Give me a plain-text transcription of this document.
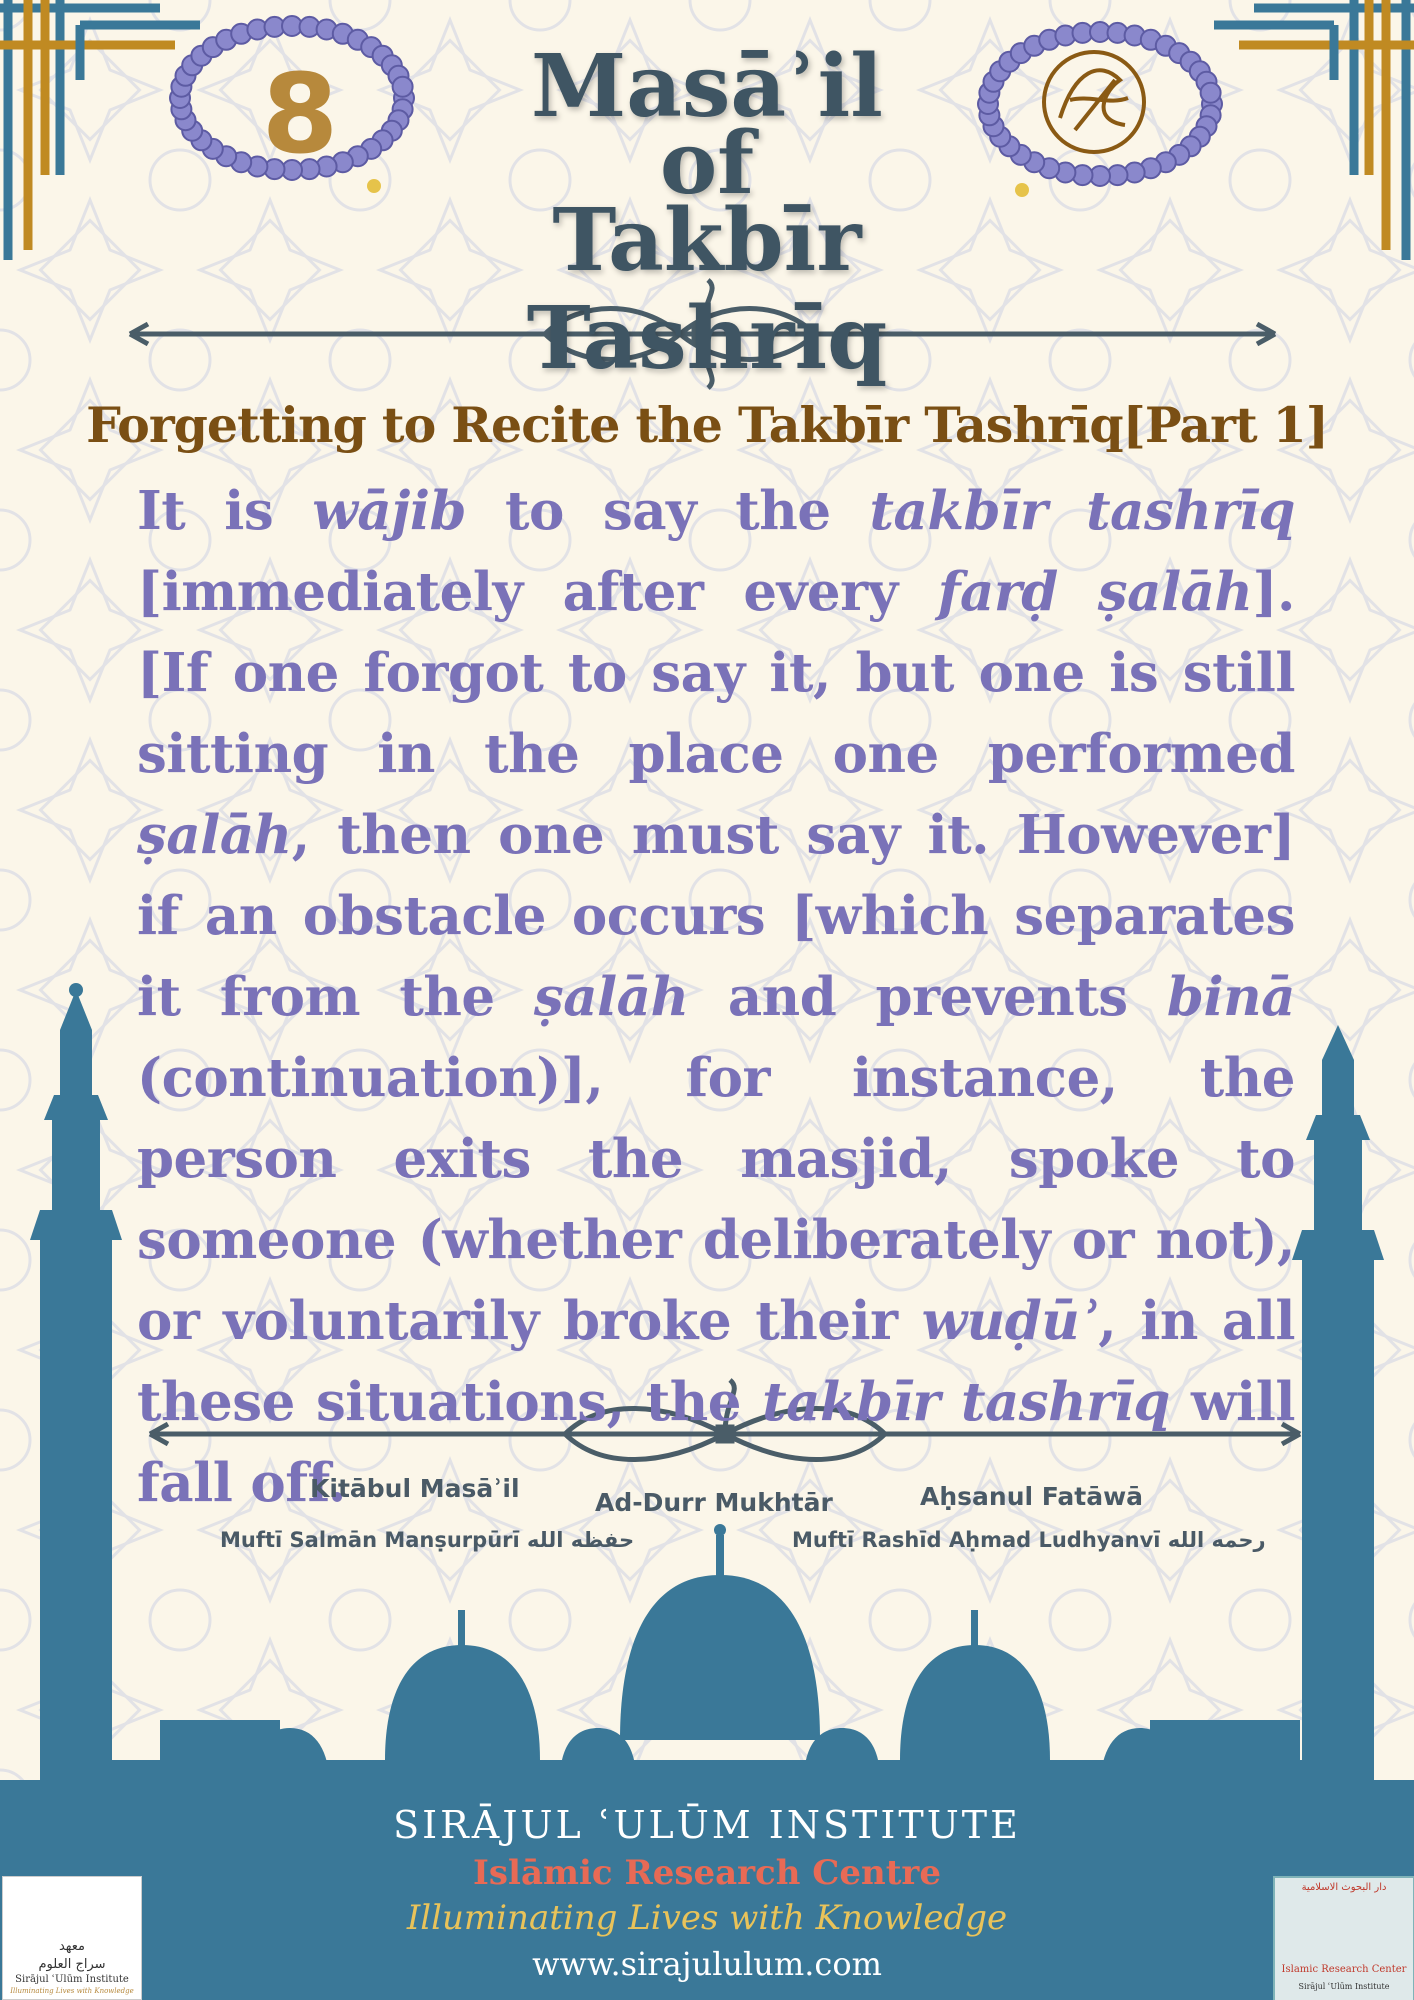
8	Masāʾil
of
Takbīr Tashrīq
Forgetting to Recite the Takbīr Tashrīq[Part 1]
It is wājib to say the takbīr tashrīq [immediately after every farḍ ṣalāh]. [If one forgot to say it, but one is still sitting in the place one performed ṣalāh, then one must say it. However] if an obstacle occurs [which separates it from the ṣalāh and prevents binā (continuation)], for instance, the person exits the masjid, spoke to someone (whether deliberately or not), or voluntarily broke their wuḍūʾ, in all these situations, the takbīr tashrīq will fall off.
Kitābul Masāʾil
Muftī Salmān Manṣurpūrī حفظه الله
Ad-Durr Mukhtār	Aḥsanul Fatāwā
Muftī Rashīd Aḥmad Ludhyanvī رحمه الله
SIRĀJUL ʿULŪM INSTITUTE
Islāmic Research Centre
Illuminating Lives with Knowledge
www.sirajululum.com
معهد
سراج العلوم
Sirājul ʿUlūm Institute
Illuminating Lives with Knowledge
دار البحوث الاسلامية
Islamic Research Center
Sirājul ʿUlūm Institute
